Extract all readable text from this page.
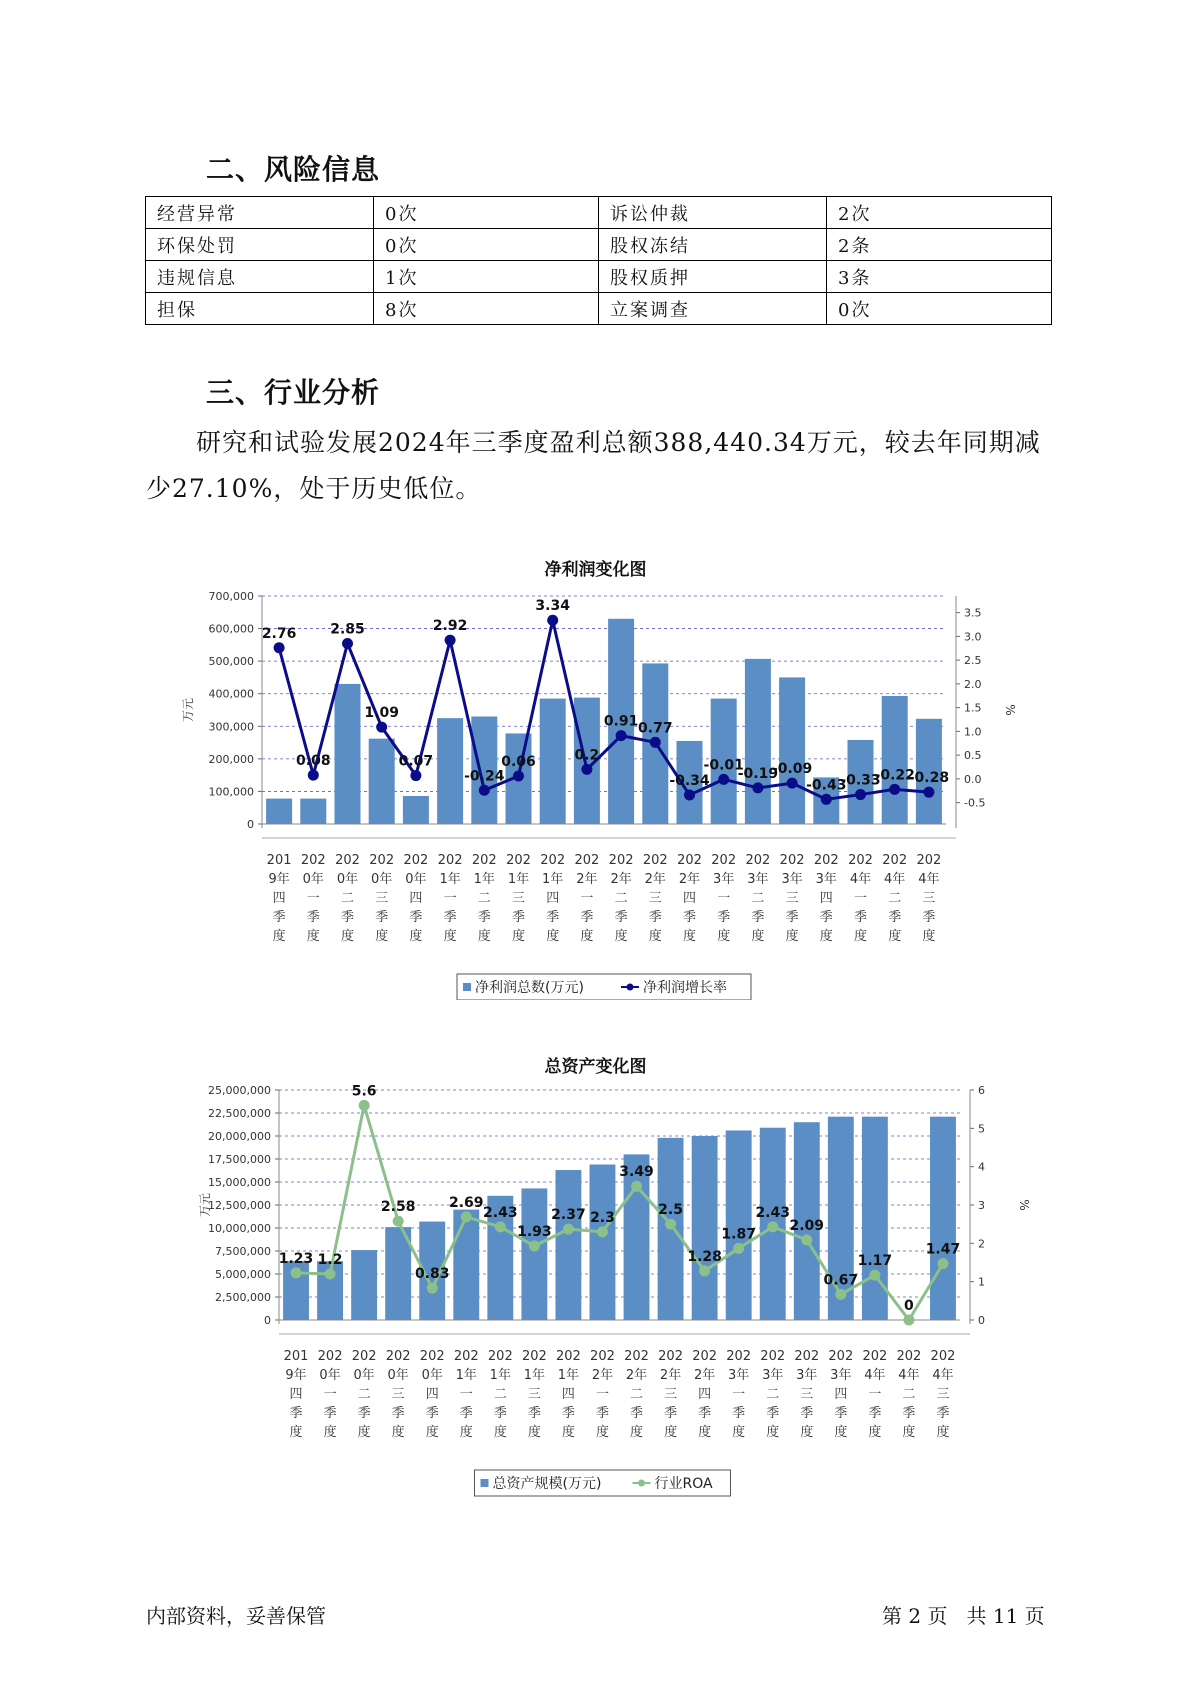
二、风险信息
经营异常	0次	诉讼仲裁	2次
环保处罚	0次	股权冻结	2条
违规信息	1次	股权质押	3条
担保	8次	立案调查	0次
三、行业分析
研究和试验发展2024年三季度盈利总额388,440.34万元，较去年同期减少27.10%，处于历史低位。
净利润变化图
0
100,000
200,000
300,000
400,000
500,000
600,000
700,000
-0.5
0.0
0.5
1.0
1.5
2.0
2.5
3.0
3.5
万元	%
201
9年
四
季
度
202
0年
一
季
度
202
0年
二
季
度
202
0年
三
季
度
202
0年
四
季
度
202
1年
一
季
度
202
1年
二
季
度
202
1年
三
季
度
202
1年
四
季
度
202
2年
一
季
度
202
2年
二
季
度
202
2年
三
季
度
202
2年
四
季
度
202
3年
一
季
度
202
3年
二
季
度
202
3年
三
季
度
202
3年
四
季
度
202
4年
一
季
度
202
4年
二
季
度
202
4年
三
季
度
2.76
0.08
2.85
1.09
0.07
2.92
-0.24
0.06
3.34
0.2
0.91 0.77
-0.34
-0.01
-0.19
-0.09
-0.43
-0.33
-0.22
-0.28
净利润总数(万元)	净利润增长率
总资产变化图
0
2,500,000
5,000,000
7,500,000
10,000,000
12,500,000
15,000,000
17,500,000
20,000,000
22,500,000
25,000,000
0
1
2
3
4
5
6
万元	%
201
9年
四
季
度
202
0年
一
季
度
202
0年
二
季
度
202
0年
三
季
度
202
0年
四
季
度
202
1年
一
季
度
202
1年
二
季
度
202
1年
三
季
度
202
1年
四
季
度
202
2年
一
季
度
202
2年
二
季
度
202
2年
三
季
度
202
2年
四
季
度
202
3年
一
季
度
202
3年
二
季
度
202
3年
三
季
度
202
3年
四
季
度
202
4年
一
季
度
202
4年
二
季
度
202
4年
三
季
度
1.23 1.2
5.6
2.58
0.83
2.69
2.43
1.93
2.37 2.3
3.49
2.5
1.28
1.87
2.43
2.09
0.67
1.17
0
1.47
总资产规模(万元)	行业ROA
内部资料，妥善保管	第 2 页   共 11 页
